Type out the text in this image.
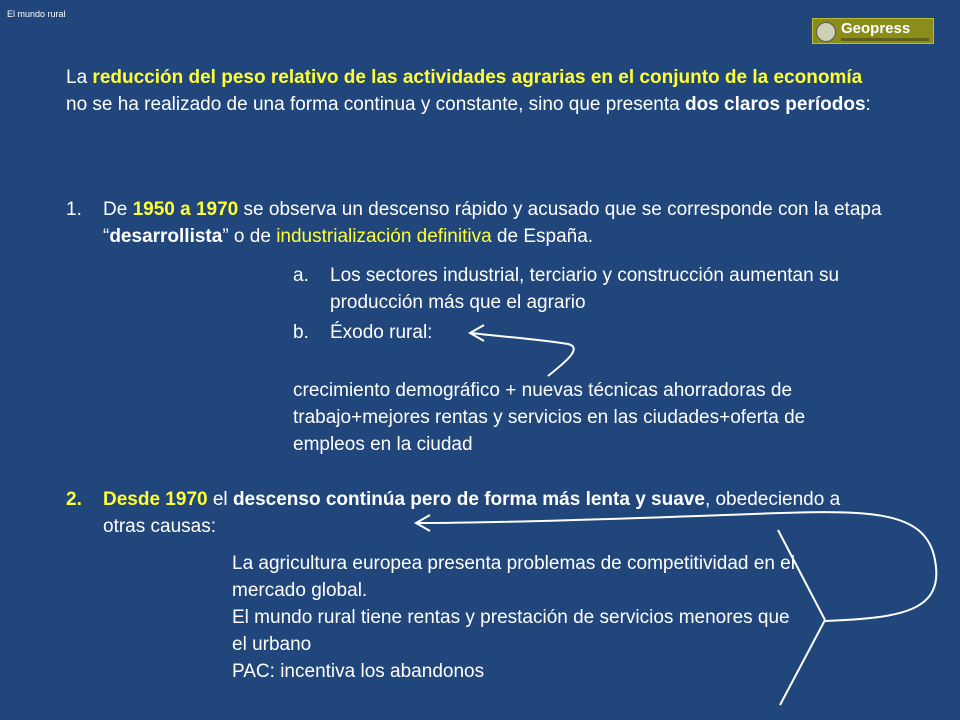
El mundo rural
Geopress
La reducción del peso relativo de las actividades agrarias en el conjunto de la economía no se ha realizado de una forma continua y constante, sino que presenta dos claros períodos:
1. De 1950 a 1970 se observa un descenso rápido y acusado que se corresponde con la etapa “desarrollista” o de industrialización definitiva de España.
a. Los sectores industrial, terciario y construcción aumentan su producción más que el agrario
b. Éxodo rural:
crecimiento demográfico + nuevas técnicas ahorradoras de trabajo+mejores rentas y servicios en las ciudades+oferta de empleos en la ciudad
2. Desde 1970 el descenso continúa pero de forma más lenta y suave, obedeciendo a otras causas:
La agricultura europea presenta problemas de competitividad en el mercado global.
El mundo rural tiene rentas y prestación de servicios menores que el urbano
PAC: incentiva los abandonos
